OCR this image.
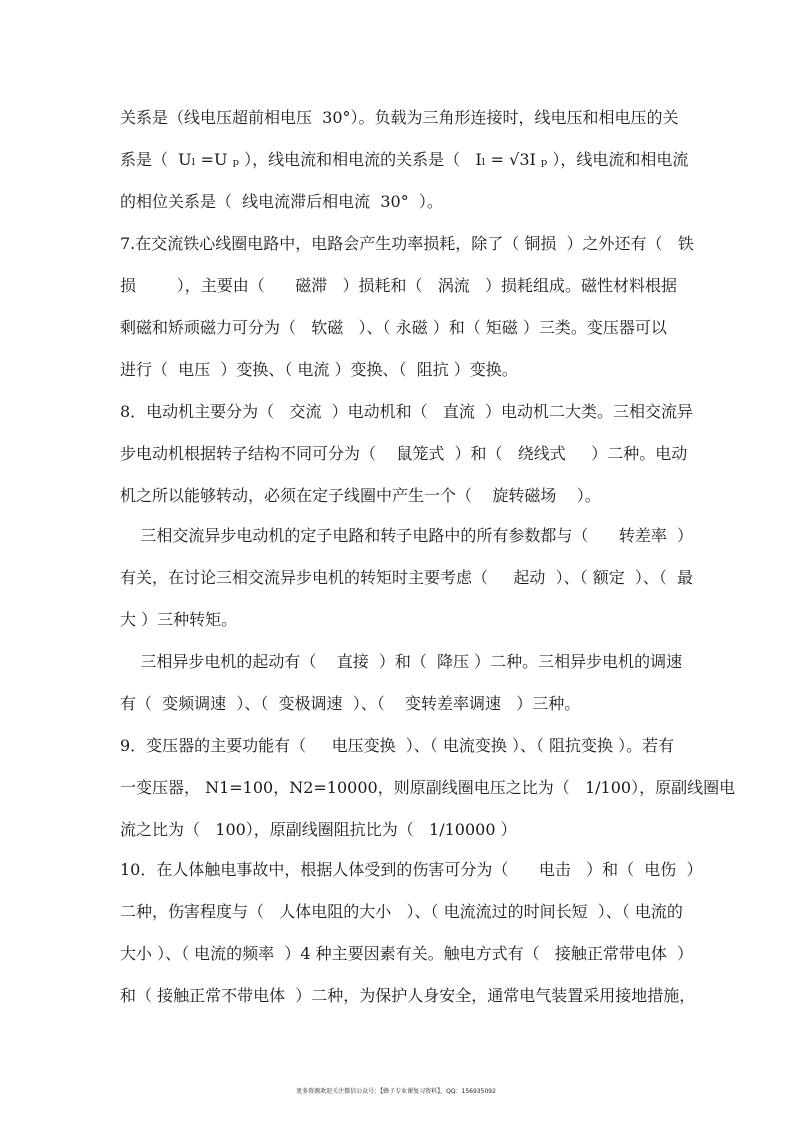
关系是（线电压超前相电压  30°）。负载为三角形连接时，线电压和相电压的关
系是（  Uₗ =U ₚ ），线电流和相电流的关系是（   Iₗ = √3I ₚ ），线电流和相电流
的相位关系是（  线电流滞后相电流  30°  ）。
7.在交流铁心线圈电路中，电路会产生功率损耗，除了（ 铜损  ）之外还有（   铁
损        ），主要由（      磁滞   ）损耗和（   涡流   ）损耗组成。磁性材料根据
剩磁和矫顽磁力可分为（   软磁   ）、（ 永磁 ）和（ 矩磁 ）三类。变压器可以
进行（  电压  ）变换、（ 电流 ）变换、（  阻抗 ）变换。
8．电动机主要分为（   交流  ）电动机和（   直流  ）电动机二大类。三相交流异
步电动机根据转子结构不同可分为（    鼠笼式  ）和（   绕线式     ）二种。电动
机之所以能够转动，必须在定子线圈中产生一个（    旋转磁场    ）。
三相交流异步电动机的定子电路和转子电路中的所有参数都与（      转差率  ）
有关，在讨论三相交流异步电机的转矩时主要考虑（     起动  ）、（ 额定  ）、（  最
大 ）三种转矩。
三相异步电机的起动有（    直接  ）和（  降压 ）二种。三相异步电机的调速
有（  变频调速  ）、（  变极调速  ）、（    变转差率调速   ）三种。
9．变压器的主要功能有（     电压变换  ）、（ 电流变换 ）、（ 阻抗变换 ）。若有
一变压器， N1=100，N2=10000，则原副线圈电压之比为（   1/100），原副线圈电
流之比为（   100），原副线圈阻抗比为（   1/10000 ）
10．在人体触电事故中，根据人体受到的伤害可分为（      电击   ）和（  电伤  ）
二种，伤害程度与（   人体电阻的大小   ）、（ 电流流过的时间长短  ）、（ 电流的
大小 ）、（ 电流的频率  ）4 种主要因素有关。触电方式有（   接触正常带电体  ）
和（ 接触正常不带电体  ）二种，为保护人身安全，通常电气装置采用接地措施，
更多资源欢迎关注微信公众号：【蜂子专业课复习资料】，QQ：156935092
